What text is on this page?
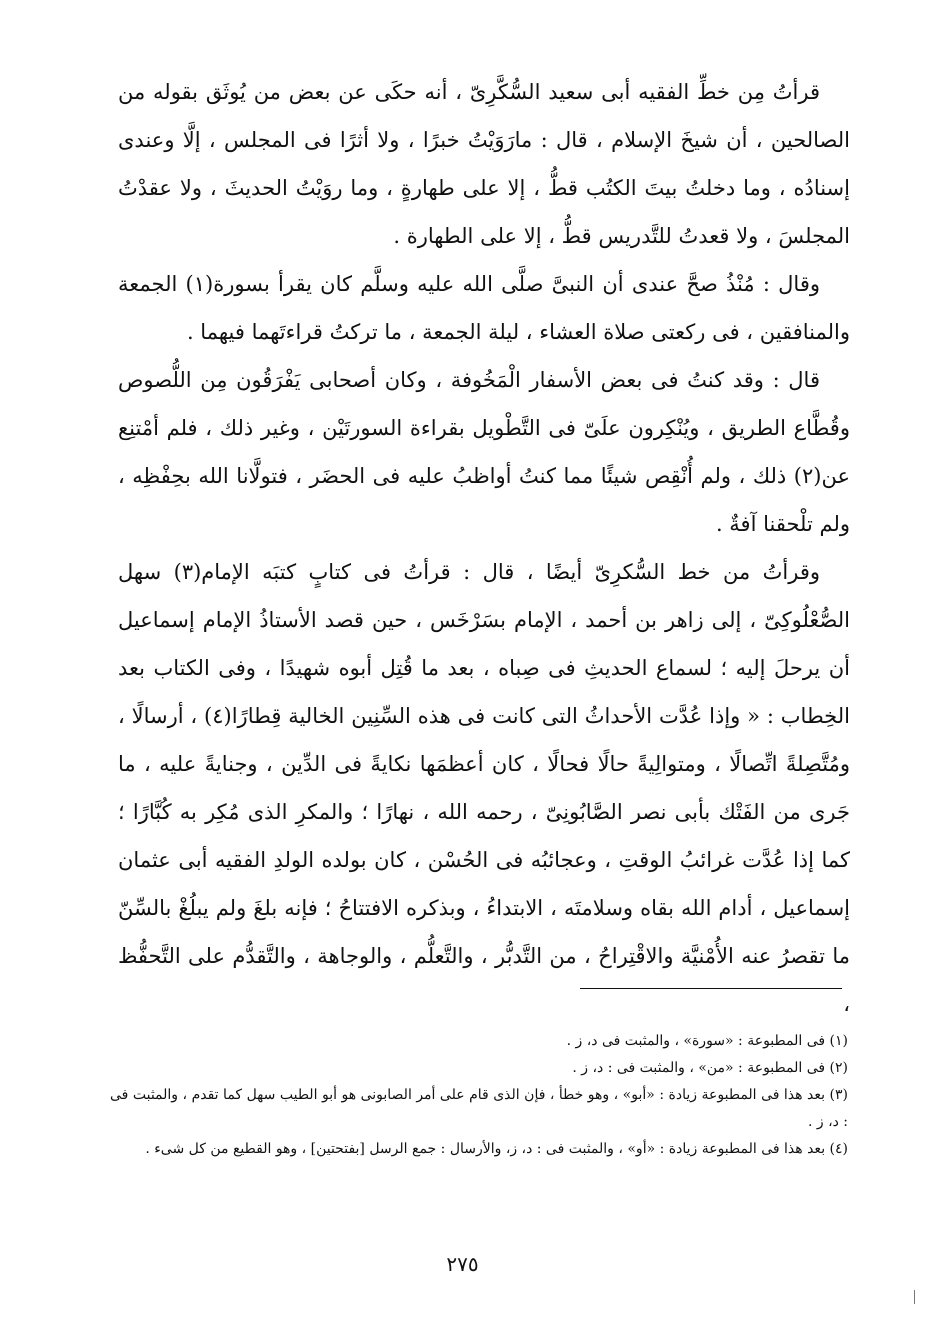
قرأتُ مِن خطِّ الفقيه أبى سعيد السُّكَّرِىّ ، أنه حكَى عن بعض من يُوثَق بقوله من الصالحين ، أن شيخَ الإسلام ، قال : مارَوَيْتُ خبرًا ، ولا أثرًا فى المجلس ، إلَّا وعندى إسنادُه ، وما دخلتُ بيتَ الكتُب قطُّ ، إلا على طهارةٍ ، وما روَيْتُ الحديثَ ، ولا عقدْتُ المجلسَ ، ولا قعدتُ للتَّدريس قطُّ ، إلا على الطهارة .

وقال : مُنْذُ صحَّ عندى أن النبىَّ صلَّى الله عليه وسلَّم كان يقرأ بسورة(١) الجمعة والمنافقين ، فى ركعتى صلاة العشاء ، ليلة الجمعة ، ما تركتُ قراءتَهما فيهما .

قال : وقد كنتُ فى بعض الأسفار الْمَخُوفة ، وكان أصحابى يَفْرَقُون مِن اللُّصوص وقُطَّاع الطريق ، ويُنْكِرون علَىّ فى التَّطْويل بقراءة السورتَيْن ، وغير ذلك ، فلم أمْتنِع عن(٢) ذلك ، ولم أُنْقِص شيئًا مما كنتُ أواظبُ عليه فى الحضَر ، فتولَّانا الله بحِفْظِه ، ولم تلْحقنا آفةٌ .

وقرأتُ من خط السُّكرِىّ أيضًا ، قال : قرأتُ فى كتابٍ كتبَه الإمام(٣) سهل الصُّعْلُوكِىّ ، إلى زاهر بن أحمد ، الإمام بسَرْخَس ، حين قصد الأستاذُ الإمام إسماعيل أن يرحلَ إليه ؛ لسماع الحديثِ فى صِباه ، بعد ما قُتِل أبوه شهيدًا ، وفى الكتاب بعد الخِطاب : « وإذا عُدَّت الأحداثُ التى كانت فى هذه السِّنِين الخالية قِطارًا(٤) ، أرسالًا ، ومُتَّصِلةً اتِّصالًا ، ومتوالِيةً حالًا فحالًا ، كان أعظمَها نكايةً فى الدِّين ، وجنايةً عليه ، ما جَرى من الفَتْك بأبى نصر الصَّابُونِىّ ، رحمه الله ، نهارًا ؛ والمكرِ الذى مُكِر به كُبَّارًا ؛ كما إذا عُدَّت غرائبُ الوقتِ ، وعجائبُه فى الحُسْن ، كان بولده الولدِ الفقيه أبى عثمان إسماعيل ، أدام الله بقاه وسلامتَه ، الابتداءُ ، وبذكره الافتتاحُ ؛ فإنه بلغَ ولم يبلُغْ بالسِّنّ ما تقصرُ عنه الأُمْنيَّة والاقْتِراحُ ، من التَّدبُّر ، والتَّعلُّم ، والوجاهة ، والتَّقدُّم على التَّحفُّظ ،

(١) فى المطبوعة : «سورة» ، والمثبت فى د، ز .

(٢) فى المطبوعة : «من» ، والمثبت فى : د، ز .

(٣) بعد هذا فى المطبوعة زيادة : «أبو» ، وهو خطأ ، فإن الذى قام على أمر الصابونى هو أبو الطيب سهل كما تقدم ، والمثبت فى : د، ز .

(٤) بعد هذا فى المطبوعة زيادة : «أو» ، والمثبت فى : د، ز، والأرسال : جمع الرسل [بفتحتين] ، وهو القطيع من كل شىء .

٢٧٥
